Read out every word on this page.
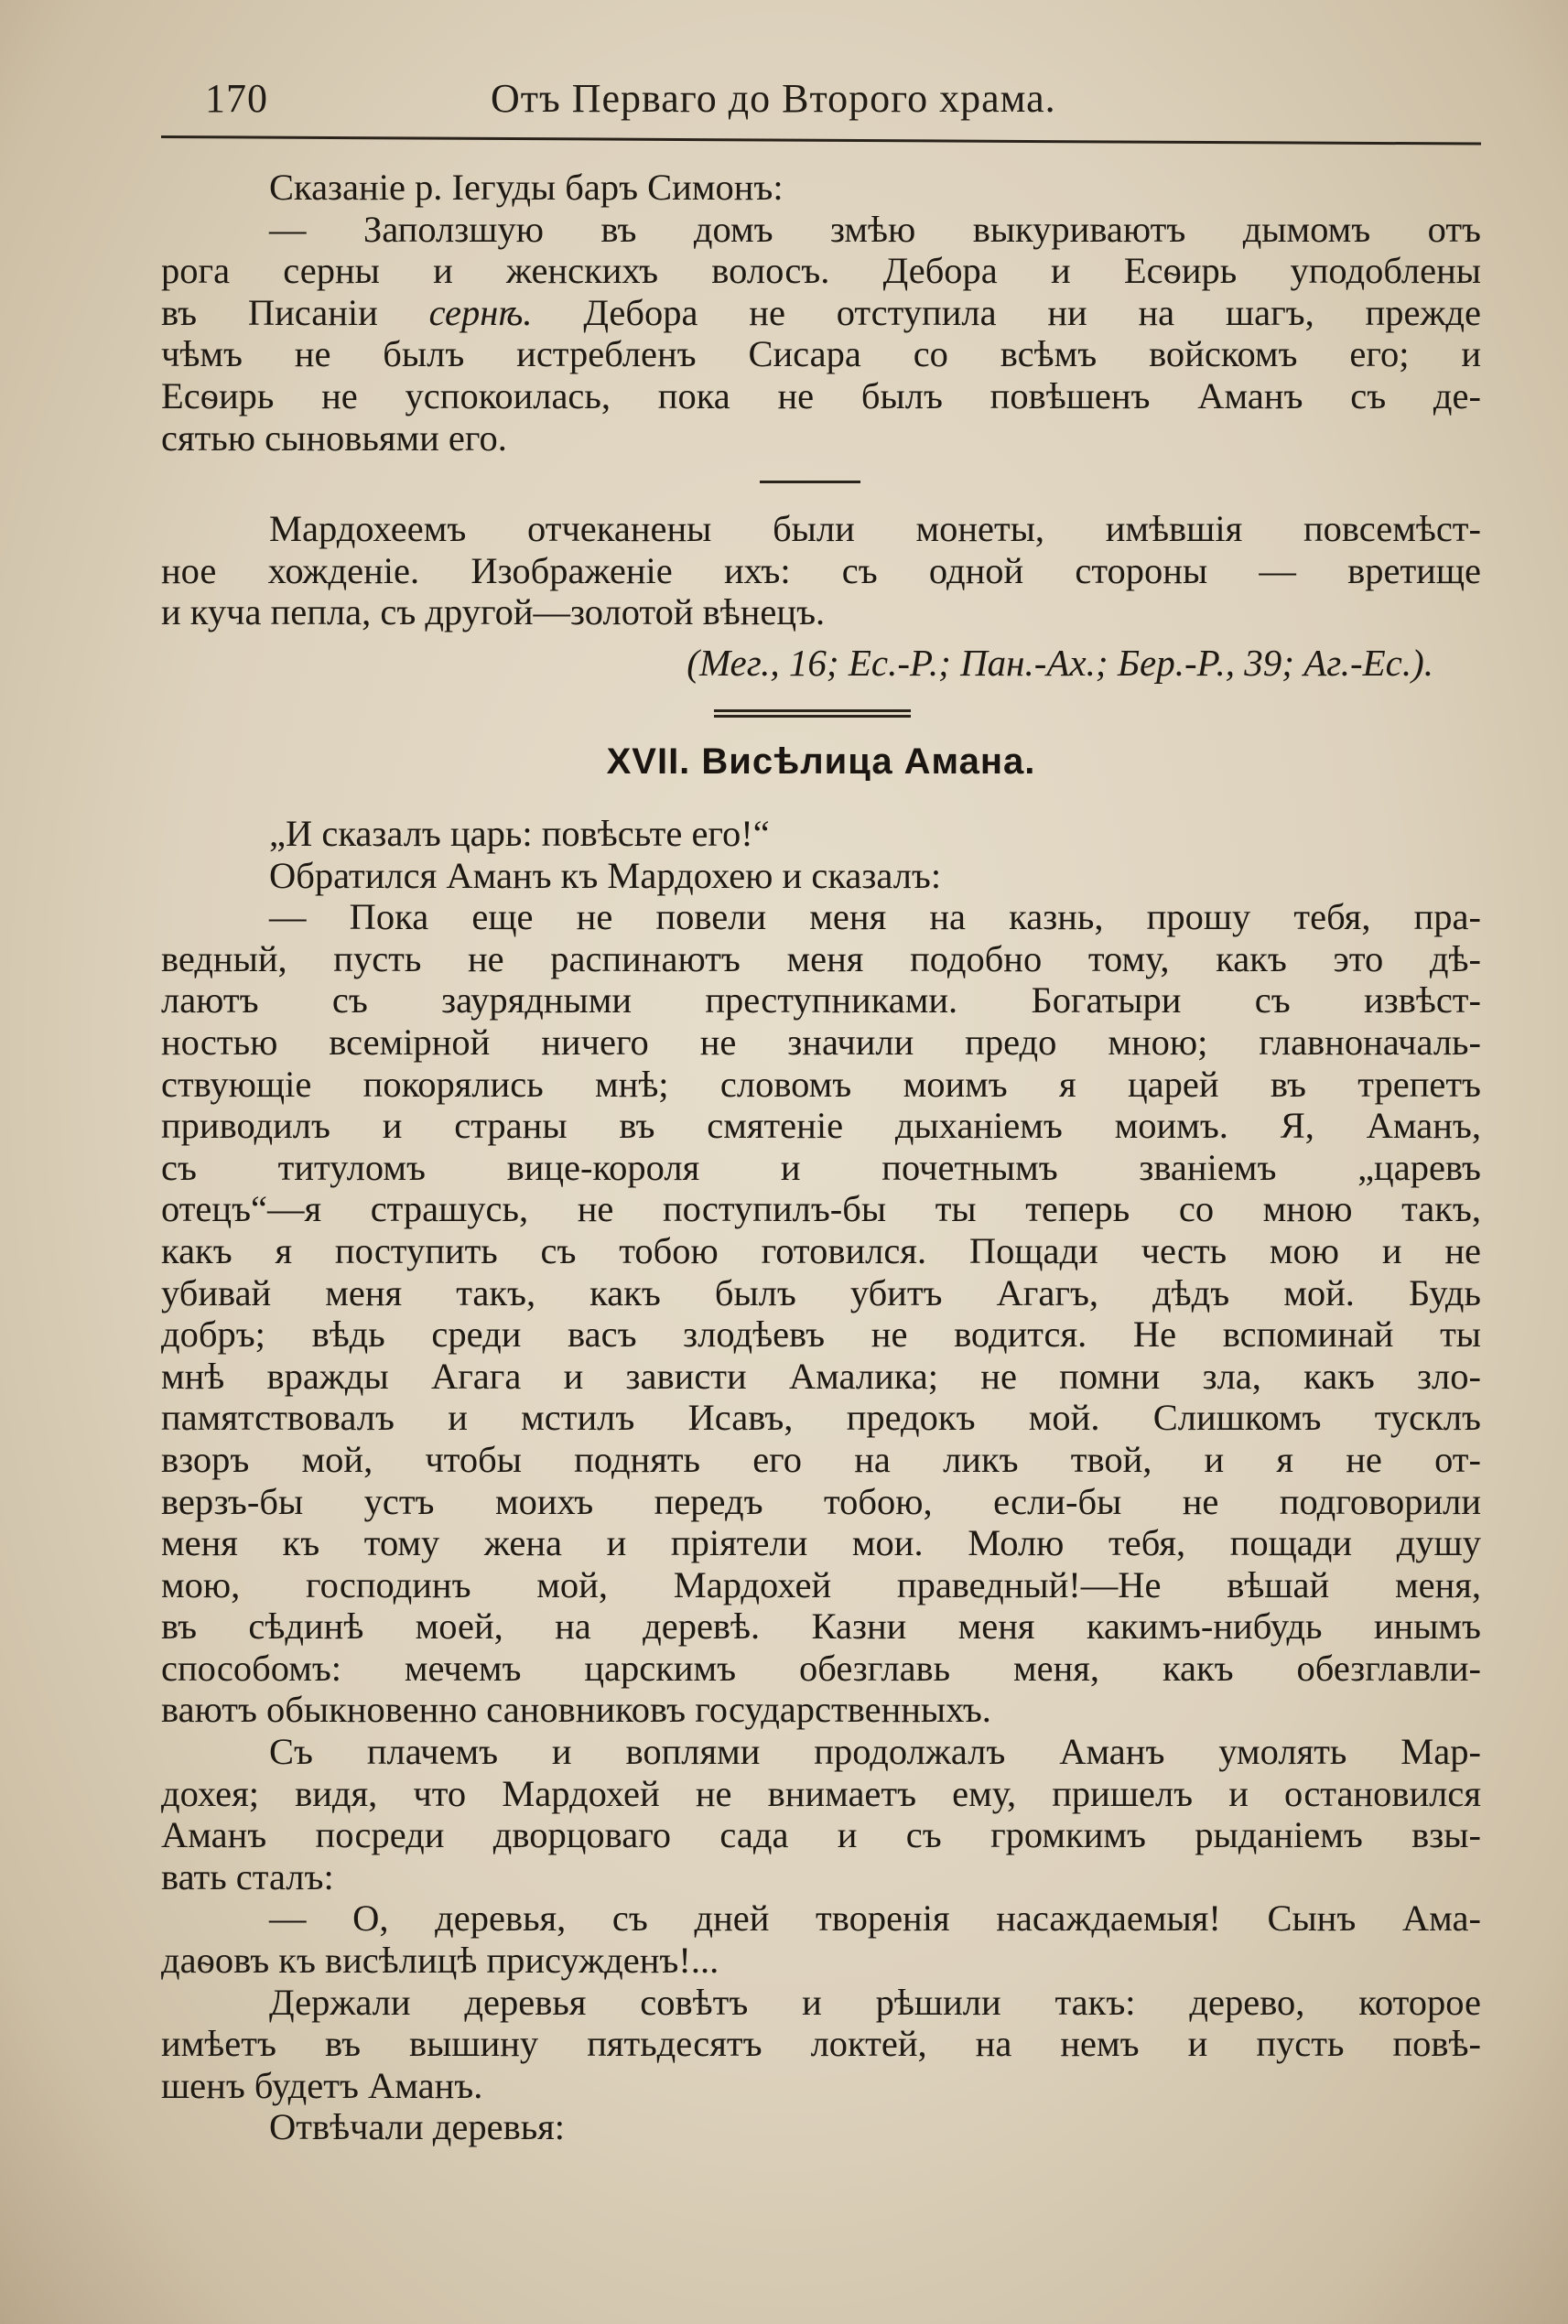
170	Отъ Перваго до Второго храма.
Сказаніе р. Іегуды баръ Симонъ:
— Заползшую въ домъ змѣю выкуриваютъ дымомъ отъ
рога серны и женскихъ волосъ. Дебора и Есѳирь уподоблены
въ Писаніи сернѣ. Дебора не отступила ни на шагъ, прежде
чѣмъ не былъ истребленъ Сисара со всѣмъ войскомъ его; и
Есѳирь не успокоилась, пока не былъ повѣшенъ Аманъ съ де-
сятью сыновьями его.
Мардохеемъ отчеканены были монеты, имѣвшія повсемѣст-
ное хожденіе. Изображеніе ихъ: съ одной стороны — вретище
и куча пепла, съ другой—золотой вѣнецъ.
(Мег., 16; Ес.-Р.; Пан.-Ах.; Бер.-Р., 39; Аг.-Ес.).
XVII. Висѣлица Амана.
„И сказалъ царь: повѣсьте его!“
Обратился Аманъ къ Мардохею и сказалъ:
— Пока еще не повели меня на казнь, прошу тебя, пра-
ведный, пусть не распинаютъ меня подобно тому, какъ это дѣ-
лаютъ съ заурядными преступниками. Богатыри съ извѣст-
ностью всемірной ничего не значили предо мною; главноначаль-
ствующіе покорялись мнѣ; словомъ моимъ я царей въ трепетъ
приводилъ и страны въ смятеніе дыханіемъ моимъ. Я, Аманъ,
съ титуломъ вице-короля и почетнымъ званіемъ „царевъ
отецъ“—я страшусь, не поступилъ-бы ты теперь со мною такъ,
какъ я поступить съ тобою готовился. Пощади честь мою и не
убивай меня такъ, какъ былъ убитъ Агагъ, дѣдъ мой. Будь
добръ; вѣдь среди васъ злодѣевъ не водится. Не вспоминай ты
мнѣ вражды Агага и зависти Амалика; не помни зла, какъ зло-
памятствовалъ и мстилъ Исавъ, предокъ мой. Слишкомъ тусклъ
взоръ мой, чтобы поднять его на ликъ твой, и я не от-
верзъ-бы устъ моихъ передъ тобою, если-бы не подговорили
меня къ тому жена и пріятели мои. Молю тебя, пощади душу
мою, господинъ мой, Мардохей праведный!—Не вѣшай меня,
въ сѣдинѣ моей, на деревѣ. Казни меня какимъ-нибудь инымъ
способомъ: мечемъ царскимъ обезглавь меня, какъ обезглавли-
ваютъ обыкновенно сановниковъ государственныхъ.
Съ плачемъ и воплями продолжалъ Аманъ умолять Мар-
дохея; видя, что Мардохей не внимаетъ ему, пришелъ и остановился
Аманъ посреди дворцоваго сада и съ громкимъ рыданіемъ взы-
вать сталъ:
— О, деревья, съ дней творенія насаждаемыя! Сынъ Ама-
даѳовъ къ висѣлицѣ присужденъ!...
Держали деревья совѣтъ и рѣшили такъ: дерево, которое
имѣетъ въ вышину пятьдесятъ локтей, на немъ и пусть повѣ-
шенъ будетъ Аманъ.
Отвѣчали деревья:
